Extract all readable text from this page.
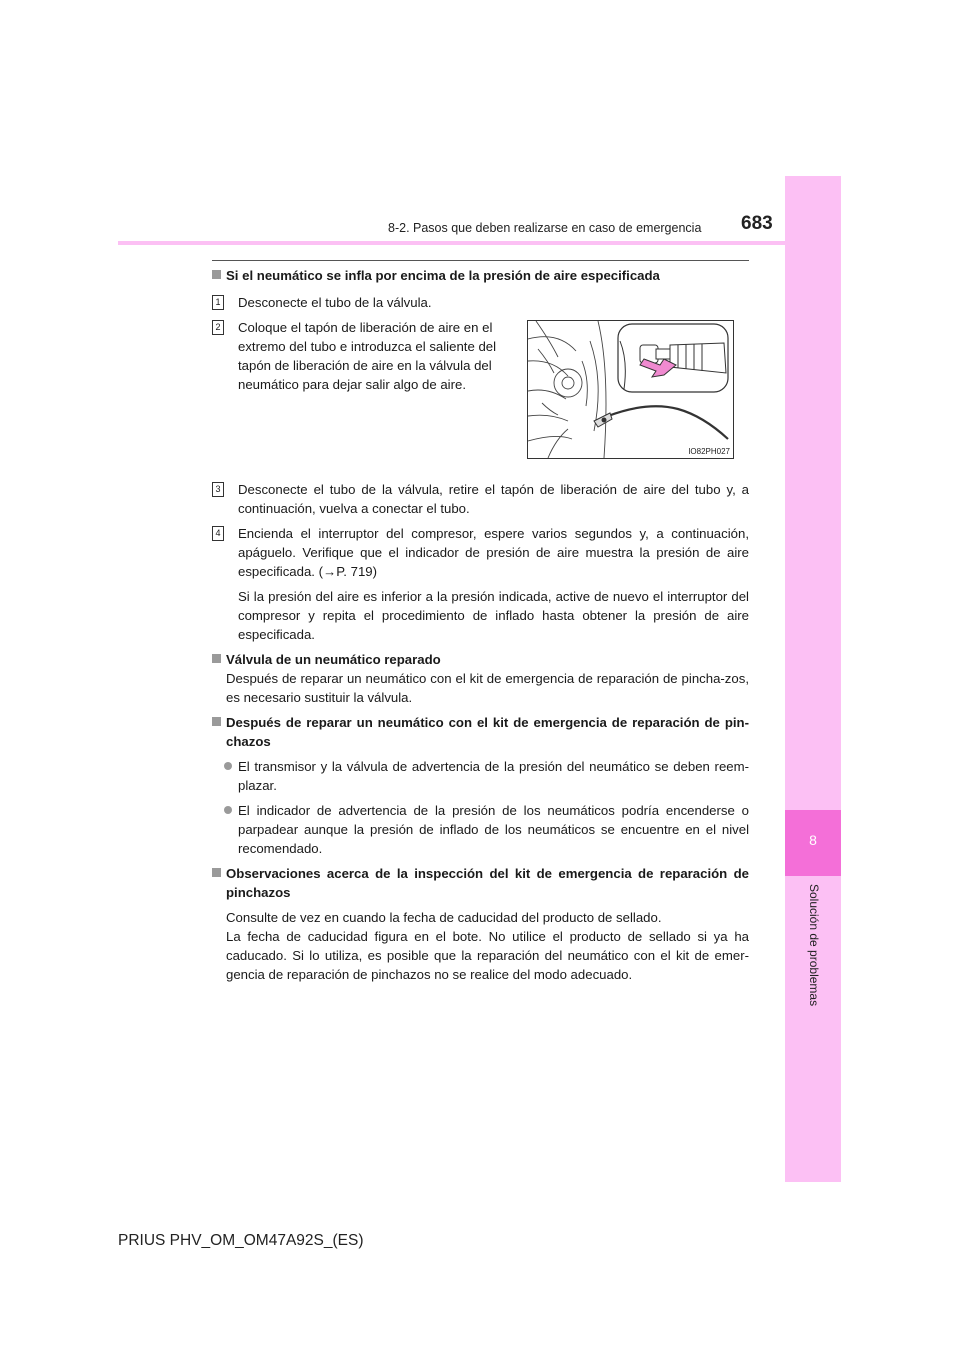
8
Solución de problemas
8-2. Pasos que deben realizarse en caso de emergencia 683
IO82PH027

Si el neumático se infla por encima de la presión de aire especificada

1 Desconecte el tubo de la válvula.

2 Coloque el tapón de liberación de aire en el
extremo del tubo e introduzca el saliente del
tapón de liberación de aire en la válvula del
neumático para dejar salir algo de aire.

3 Desconecte el tubo de la válvula, retire el tapón de liberación de aire del tubo y, a continuación, vuelva a conectar el tubo.

4 Encienda el interruptor del compresor, espere varios segundos y, a continuación, apáguelo. Verifique que el indicador de presión de aire muestra la presión de aire especificada. (→P. 719)

Si la presión del aire es inferior a la presión indicada, active de nuevo el interruptor del compresor y repita el procedimiento de inflado hasta obtener la presión de aire especificada.

Válvula de un neumático reparado

Después de reparar un neumático con el kit de emergencia de reparación de pincha-zos, es necesario sustituir la válvula.

Después de reparar un neumático con el kit de emergencia de reparación de pin-chazos

El transmisor y la válvula de advertencia de la presión del neumático se deben reem-plazar.

El indicador de advertencia de la presión de los neumáticos podría encenderse o parpadear aunque la presión de inflado de los neumáticos se encuentre en el nivel recomendado.

Observaciones acerca de la inspección del kit de emergencia de reparación de pinchazos

Consulte de vez en cuando la fecha de caducidad del producto de sellado.

La fecha de caducidad figura en el bote. No utilice el producto de sellado si ya ha caducado. Si lo utiliza, es posible que la reparación del neumático con el kit de emer-gencia de reparación de pinchazos no se realice del modo adecuado.

PRIUS PHV_OM_OM47A92S_(ES)
